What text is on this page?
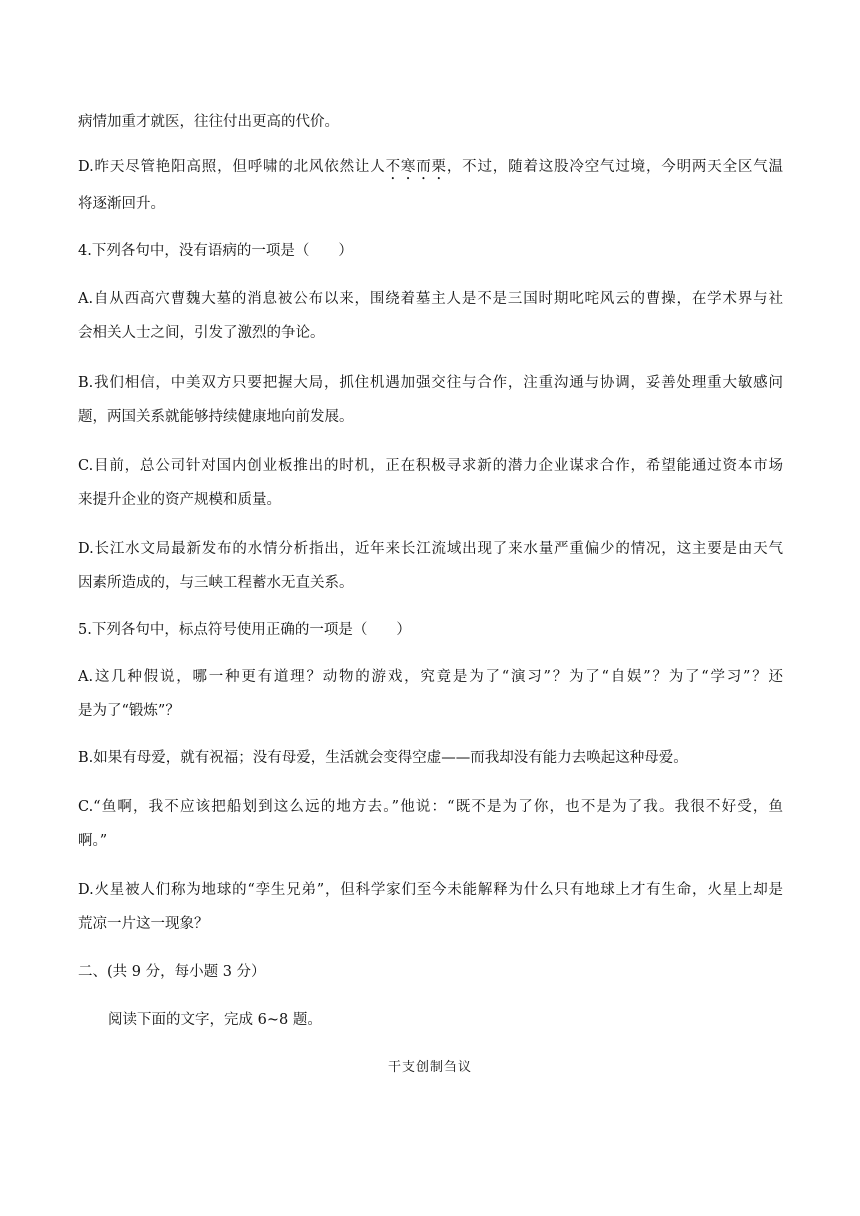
病情加重才就医，往往付出更高的代价。
D.昨天尽管艳阳高照，但呼啸的北风依然让人不寒而栗，不过，随着这股冷空气过境，今明两天全区气温
将逐渐回升。
4.下列各句中，没有语病的一项是（　　）
A.自从西高穴曹魏大墓的消息被公布以来，围绕着墓主人是不是三国时期叱咤风云的曹操，在学术界与社
会相关人士之间，引发了激烈的争论。
B.我们相信，中美双方只要把握大局，抓住机遇加强交往与合作，注重沟通与协调，妥善处理重大敏感问
题，两国关系就能够持续健康地向前发展。
C.目前，总公司针对国内创业板推出的时机，正在积极寻求新的潜力企业谋求合作，希望能通过资本市场
来提升企业的资产规模和质量。
D.长江水文局最新发布的水情分析指出，近年来长江流域出现了来水量严重偏少的情况，这主要是由天气
因素所造成的，与三峡工程蓄水无直关系。
5.下列各句中，标点符号使用正确的一项是（　　）
A.这几种假说，哪一种更有道理？动物的游戏，究竟是为了“演习”？为了“自娱”？为了“学习”？还
是为了“锻炼”？
B.如果有母爱，就有祝福；没有母爱，生活就会变得空虚——而我却没有能力去唤起这种母爱。
C.“鱼啊，我不应该把船划到这么远的地方去。”他说：“既不是为了你，也不是为了我。我很不好受，鱼
啊。”
D.火星被人们称为地球的“孪生兄弟”，但科学家们至今未能解释为什么只有地球上才有生命，火星上却是
荒凉一片这一现象？
二、(共 9 分，每小题 3 分）
阅读下面的文字，完成 6~8 题。
干支创制刍议
